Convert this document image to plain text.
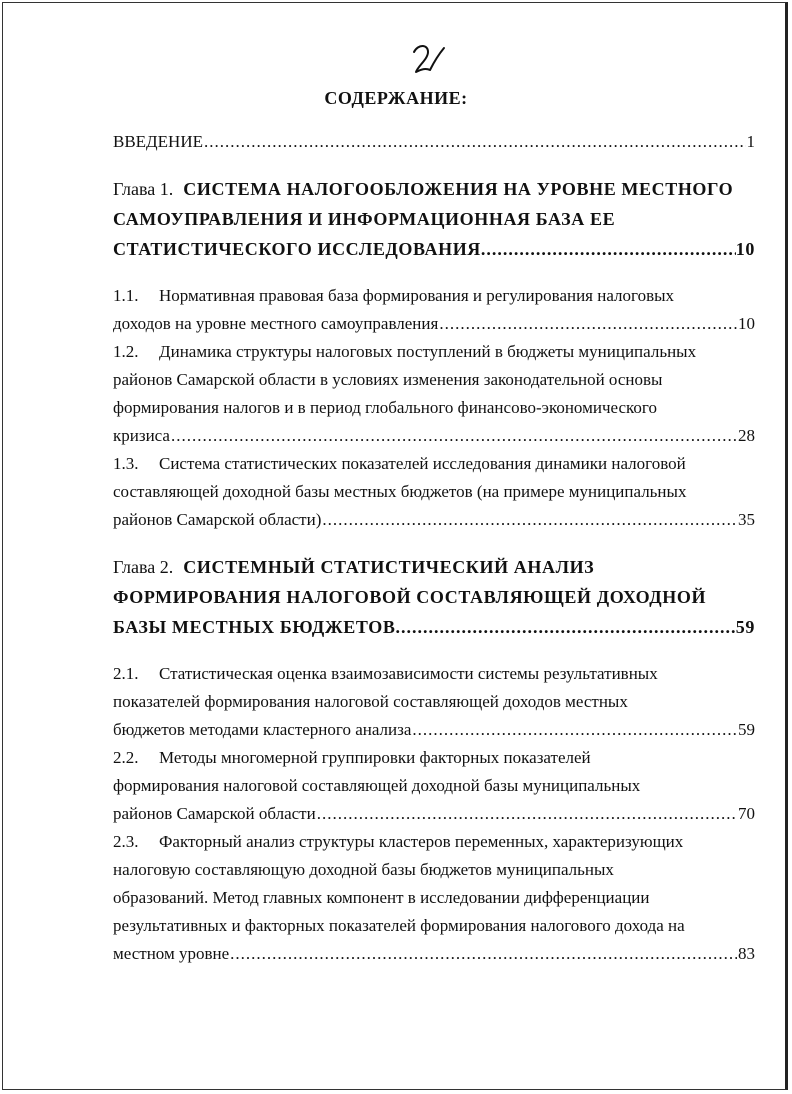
СОДЕРЖАНИЕ:
ВВЕДЕНИЕ .....	1
Глава 1. СИСТЕМА НАЛОГООБЛОЖЕНИЯ НА УРОВНЕ МЕСТНОГО
САМОУПРАВЛЕНИЯ И ИНФОРМАЦИОННАЯ БАЗА ЕЕ
СТАТИСТИЧЕСКОГО ИССЛЕДОВАНИЯ .....	10
1.1. Нормативная правовая база формирования и регулирования налоговых
доходов на уровне местного самоуправления .....	10
1.2. Динамика структуры налоговых поступлений в бюджеты муниципальных
районов Самарской области в условиях изменения законодательной основы
формирования налогов и в период глобального финансово-экономического
кризиса .....	28
1.3. Система статистических показателей исследования динамики налоговой
составляющей доходной базы местных бюджетов (на примере муниципальных
районов Самарской области) .....	35
Глава 2. СИСТЕМНЫЙ СТАТИСТИЧЕСКИЙ АНАЛИЗ
ФОРМИРОВАНИЯ НАЛОГОВОЙ СОСТАВЛЯЮЩЕЙ ДОХОДНОЙ
БАЗЫ МЕСТНЫХ БЮДЖЕТОВ .....	59
2.1. Статистическая оценка взаимозависимости системы результативных
показателей формирования налоговой составляющей доходов местных
бюджетов методами кластерного анализа .....	59
2.2. Методы многомерной группировки факторных показателей
формирования налоговой составляющей доходной базы муниципальных
районов Самарской области .....	70
2.3. Факторный анализ структуры кластеров переменных, характеризующих
налоговую составляющую доходной базы бюджетов муниципальных
образований. Метод главных компонент в исследовании дифференциации
результативных и факторных показателей формирования налогового дохода на
местном уровне .....	83
